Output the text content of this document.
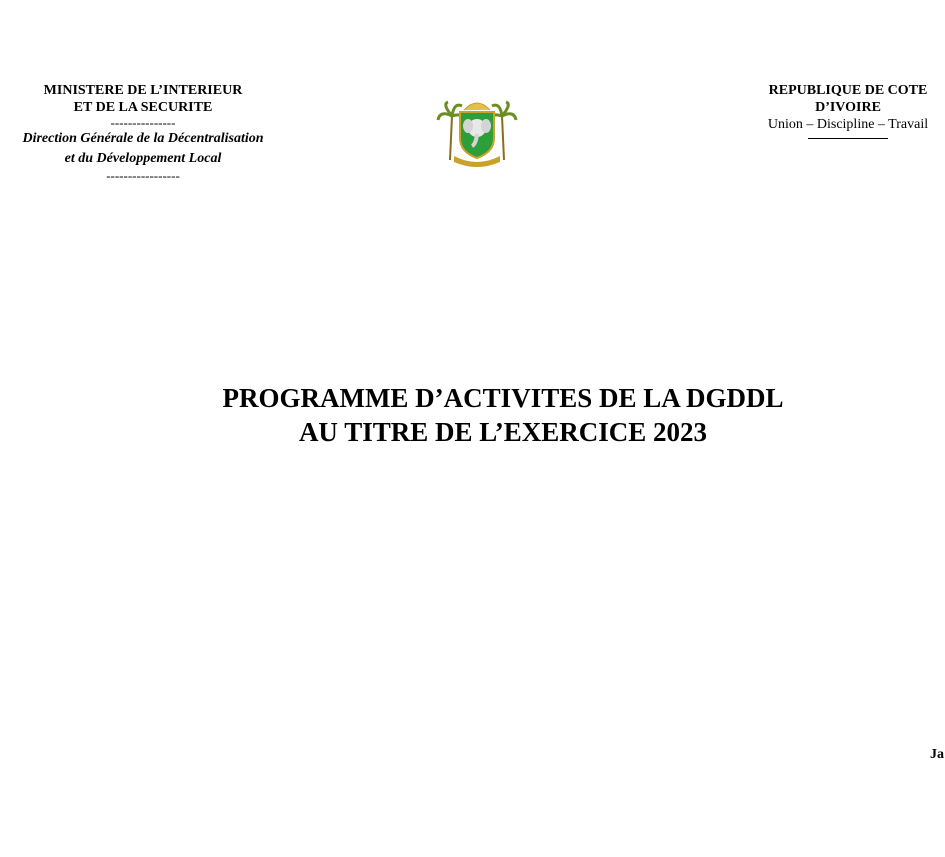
MINISTERE DE L’INTERIEUR
ET DE LA SECURITE
---------------
Direction Générale de la Décentralisation
et du Développement Local
-----------------
REPUBLIQUE DE COTE
D’IVOIRE
Union – Discipline – Travail
PROGRAMME D’ACTIVITES DE LA DGDDL
AU TITRE DE L’EXERCICE 2023
Ja
